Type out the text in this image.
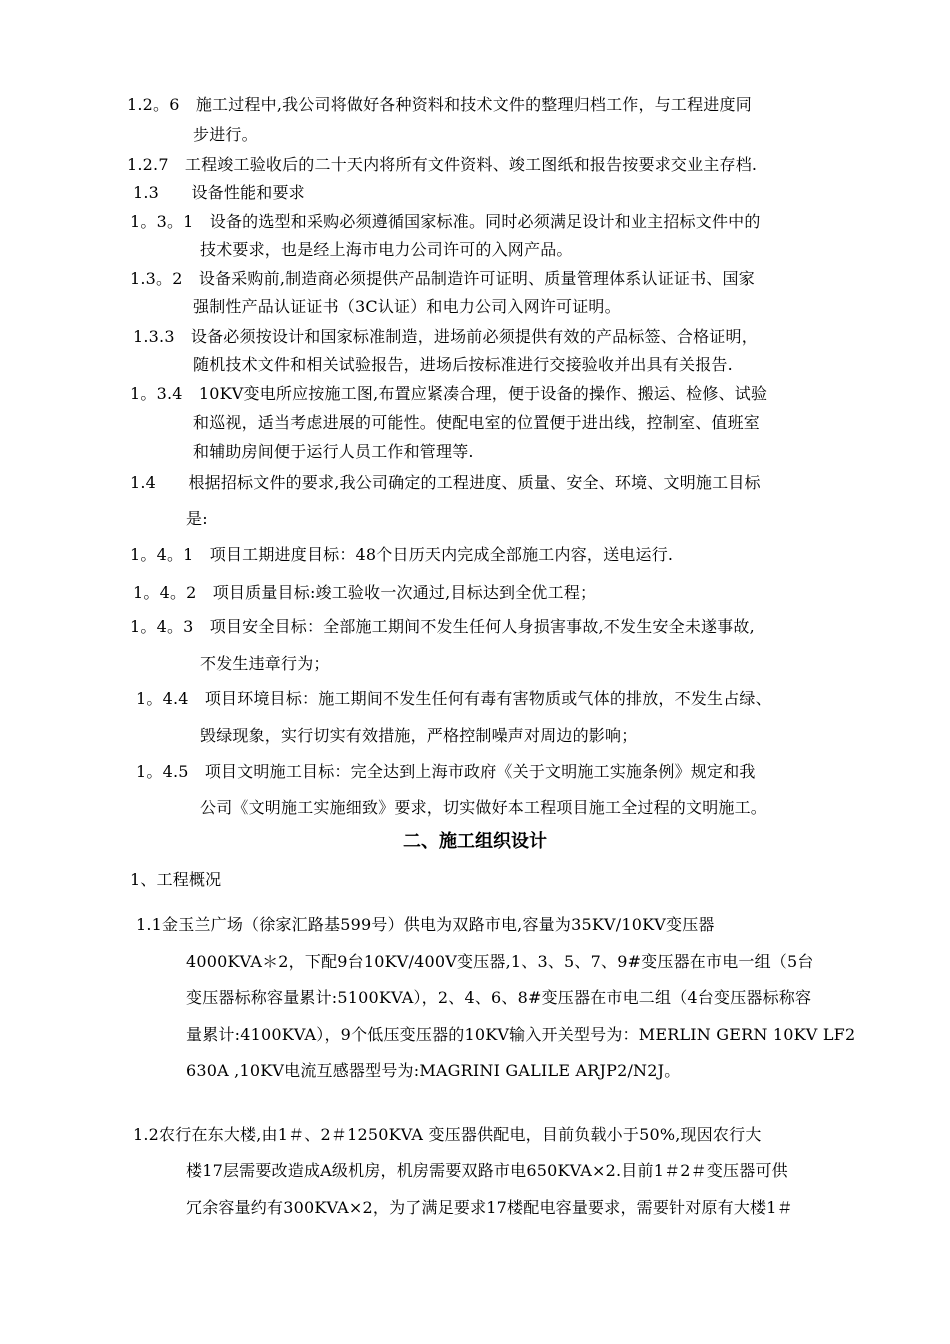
1.2。6　施工过程中,我公司将做好各种资料和技术文件的整理归档工作，与工程进度同

步进行。

1.2.7　工程竣工验收后的二十天内将所有文件资料、竣工图纸和报告按要求交业主存档.

1.3　　设备性能和要求

1。3。1　设备的选型和采购必须遵循国家标准。同时必须满足设计和业主招标文件中的

技术要求，也是经上海市电力公司许可的入网产品。

1.3。2　设备采购前,制造商必须提供产品制造许可证明、质量管理体系认证证书、国家

强制性产品认证证书（3C认证）和电力公司入网许可证明。

1.3.3　设备必须按设计和国家标准制造，进场前必须提供有效的产品标签、合格证明，

随机技术文件和相关试验报告，进场后按标准进行交接验收并出具有关报告.

1。3.4　10KV变电所应按施工图,布置应紧凑合理，便于设备的操作、搬运、检修、试验

和巡视，适当考虑进展的可能性。使配电室的位置便于进出线，控制室、值班室

和辅助房间便于运行人员工作和管理等.

1.4　　根据招标文件的要求,我公司确定的工程进度、质量、安全、环境、文明施工目标

是:

1。4。1　项目工期进度目标：48个日历天内完成全部施工内容，送电运行.

1。4。2　项目质量目标:竣工验收一次通过,目标达到全优工程；

1。4。3　项目安全目标：全部施工期间不发生任何人身损害事故,不发生安全未遂事故,

不发生违章行为；

1。4.4　项目环境目标：施工期间不发生任何有毒有害物质或气体的排放，不发生占绿、

毁绿现象，实行切实有效措施，严格控制噪声对周边的影响；

1。4.5　项目文明施工目标：完全达到上海市政府《关于文明施工实施条例》规定和我

公司《文明施工实施细致》要求，切实做好本工程项目施工全过程的文明施工。

二、施工组织设计

1、工程概况

1.1金玉兰广场（徐家汇路基599号）供电为双路市电,容量为35KV/10KV变压器

4000KVA＊2，下配9台10KV/400V变压器,1、3、5、7、9#变压器在市电一组（5台

变压器标称容量累计:5100KVA），2、4、6、8#变压器在市电二组（4台变压器标称容

量累计:4100KVA），9个低压变压器的10KV输入开关型号为：MERLIN GERN 10KV LF2

630A ,10KV电流互感器型号为:MAGRINI GALILE ARJP2/N2J。

1.2农行在东大楼,由1＃、2＃1250KVA 变压器供配电，目前负载小于50%,现因农行大

楼17层需要改造成A级机房，机房需要双路市电650KVA×2.目前1＃2＃变压器可供

冗余容量约有300KVA×2，为了满足要求17楼配电容量要求，需要针对原有大楼1＃
